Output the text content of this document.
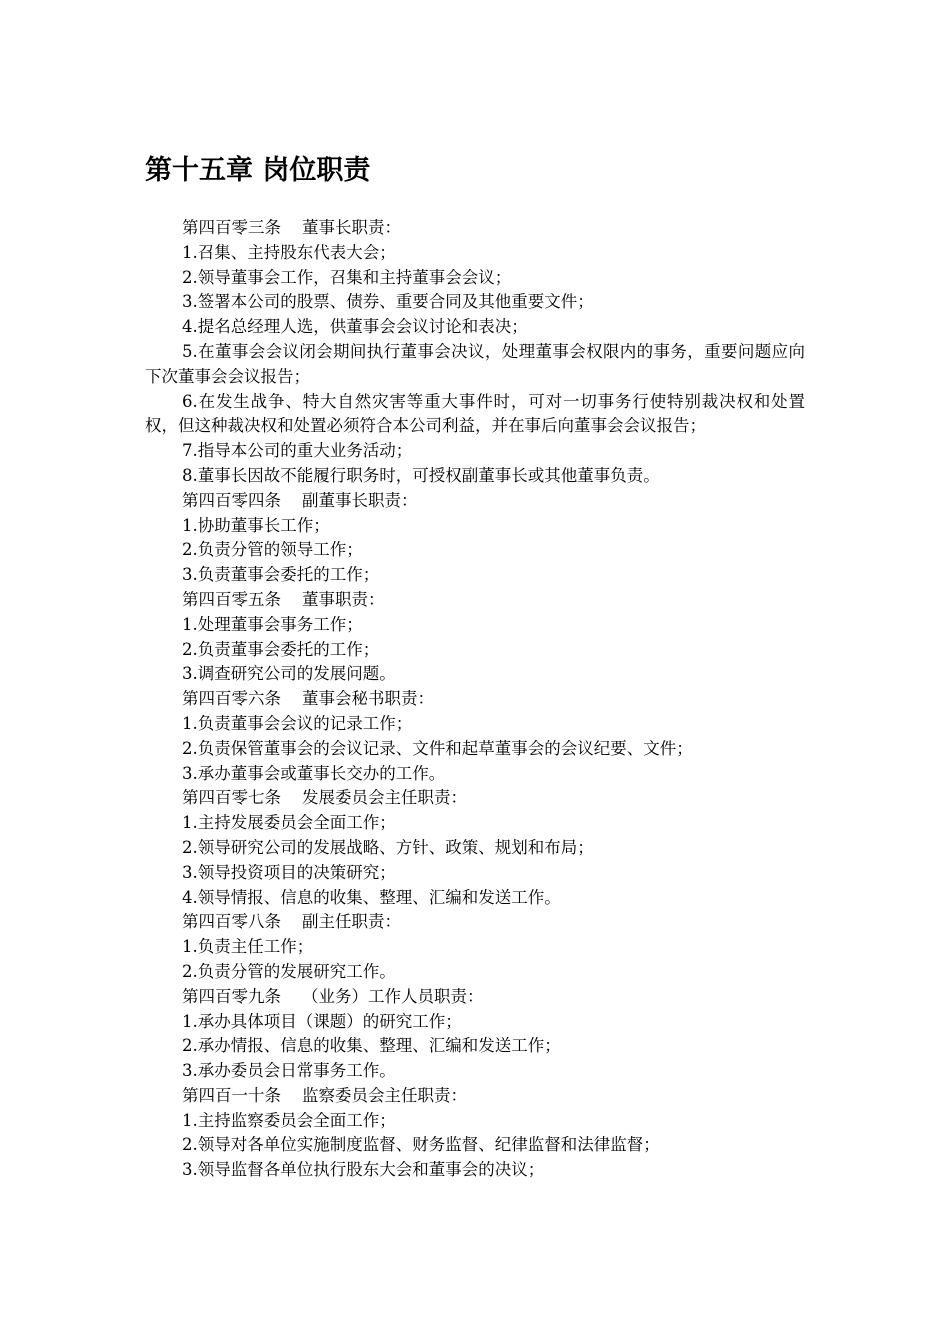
第十五章 岗位职责

第四百零三条    董事长职责：

1.召集、主持股东代表大会；

2.领导董事会工作，召集和主持董事会会议；

3.签署本公司的股票、债券、重要合同及其他重要文件；

4.提名总经理人选，供董事会会议讨论和表决；

5.在董事会会议闭会期间执行董事会决议，处理董事会权限内的事务，重要问题应向下次董事会会议报告；

6.在发生战争、特大自然灾害等重大事件时，可对一切事务行使特别裁决权和处置权，但这种裁决权和处置必须符合本公司利益，并在事后向董事会会议报告；

7.指导本公司的重大业务活动；

8.董事长因故不能履行职务时，可授权副董事长或其他董事负责。

第四百零四条    副董事长职责：

1.协助董事长工作；

2.负责分管的领导工作；

3.负责董事会委托的工作；

第四百零五条    董事职责：

1.处理董事会事务工作；

2.负责董事会委托的工作；

3.调查研究公司的发展问题。

第四百零六条    董事会秘书职责：

1.负责董事会会议的记录工作；

2.负责保管董事会的会议记录、文件和起草董事会的会议纪要、文件；

3.承办董事会或董事长交办的工作。

第四百零七条    发展委员会主任职责：

1.主持发展委员会全面工作；

2.领导研究公司的发展战略、方针、政策、规划和布局；

3.领导投资项目的决策研究；

4.领导情报、信息的收集、整理、汇编和发送工作。

第四百零八条    副主任职责：

1.负责主任工作；

2.负责分管的发展研究工作。

第四百零九条    （业务）工作人员职责：

1.承办具体项目（课题）的研究工作；

2.承办情报、信息的收集、整理、汇编和发送工作；

3.承办委员会日常事务工作。

第四百一十条    监察委员会主任职责：

1.主持监察委员会全面工作；

2.领导对各单位实施制度监督、财务监督、纪律监督和法律监督；

3.领导监督各单位执行股东大会和董事会的决议；
